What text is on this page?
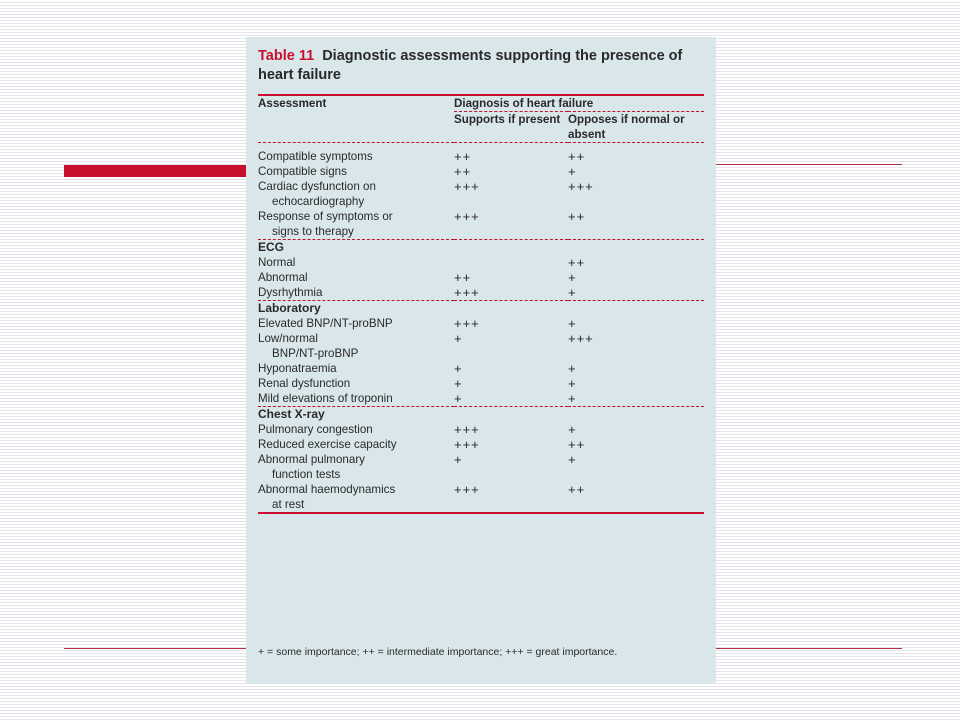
Table 11 Diagnostic assessments supporting the presence of heart failure
Assessment	Diagnosis of heart failure	
	Supports if present	Opposes if normal or absent
Compatible symptoms	++	++
Compatible signs	++	+
Cardiac dysfunction on
echocardiography	+++	+++
Response of symptoms or
signs to therapy	+++	++
ECG		
Normal		++
Abnormal	++	+
Dysrhythmia	+++	+
Laboratory		
Elevated BNP/NT-proBNP	+++	+
Low/normal
BNP/NT-proBNP	+	+++
Hyponatraemia	+	+
Renal dysfunction	+	+
Mild elevations of troponin	+	+
Chest X-ray		
Pulmonary congestion	+++	+
Reduced exercise capacity	+++	++
Abnormal pulmonary
function tests	+	+
Abnormal haemodynamics
at rest	+++	++
+ = some importance; ++ = intermediate importance; +++ = great importance.
